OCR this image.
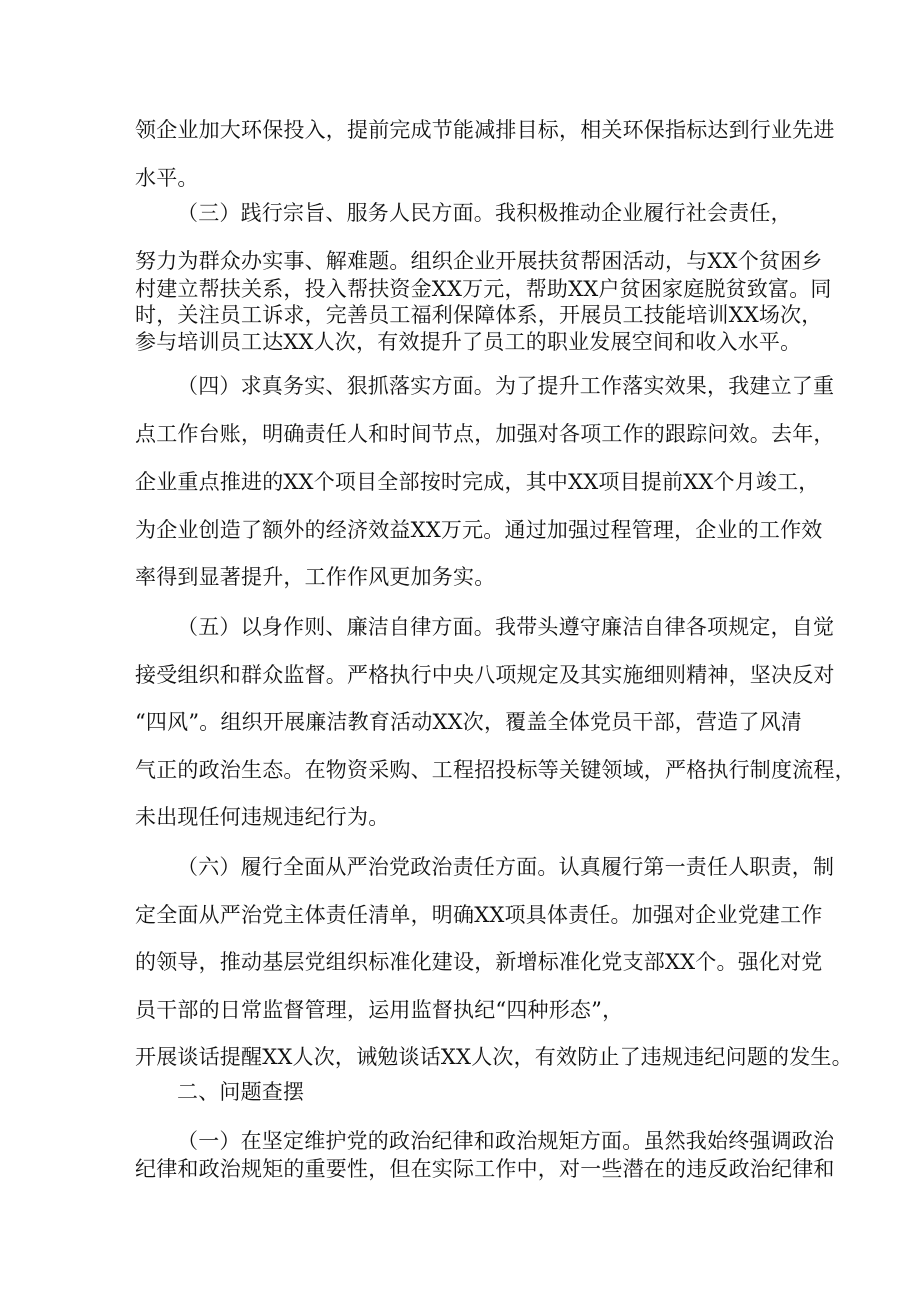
领企业加大环保投入，提前完成节能减排目标，相关环保指标达到行业先进

水平。

（三）践行宗旨、服务人民方面。我积极推动企业履行社会责任，

努力为群众办实事、解难题。组织企业开展扶贫帮困活动，与XX个贫困乡

村建立帮扶关系，投入帮扶资金XX万元，帮助XX户贫困家庭脱贫致富。同

时，关注员工诉求，完善员工福利保障体系，开展员工技能培训XX场次，

参与培训员工达XX人次，有效提升了员工的职业发展空间和收入水平。

（四）求真务实、狠抓落实方面。为了提升工作落实效果，我建立了重

点工作台账，明确责任人和时间节点，加强对各项工作的跟踪问效。去年，

企业重点推进的XX个项目全部按时完成，其中XX项目提前XX个月竣工，

为企业创造了额外的经济效益XX万元。通过加强过程管理，企业的工作效

率得到显著提升，工作作风更加务实。

（五）以身作则、廉洁自律方面。我带头遵守廉洁自律各项规定，自觉

接受组织和群众监督。严格执行中央八项规定及其实施细则精神，坚决反对

“四风”。组织开展廉洁教育活动XX次，覆盖全体党员干部，营造了风清

气正的政治生态。在物资采购、工程招投标等关键领域，严格执行制度流程，

未出现任何违规违纪行为。

（六）履行全面从严治党政治责任方面。认真履行第一责任人职责，制

定全面从严治党主体责任清单，明确XX项具体责任。加强对企业党建工作

的领导，推动基层党组织标准化建设，新增标准化党支部XX个。强化对党

员干部的日常监督管理，运用监督执纪“四种形态”，

开展谈话提醒XX人次，诫勉谈话XX人次，有效防止了违规违纪问题的发生。

二、问题查摆

（一）在坚定维护党的政治纪律和政治规矩方面。虽然我始终强调政治

纪律和政治规矩的重要性，但在实际工作中，对一些潜在的违反政治纪律和
